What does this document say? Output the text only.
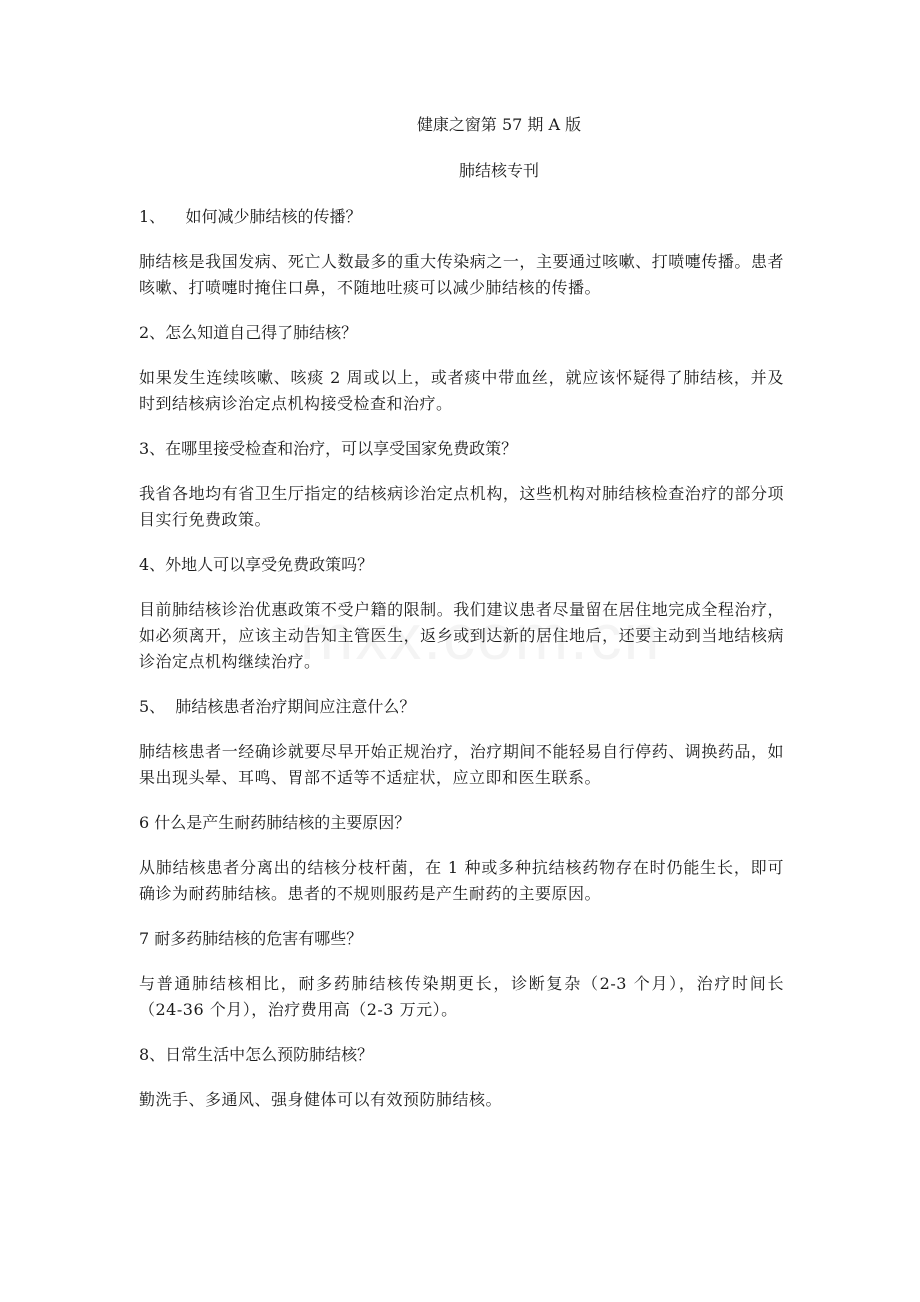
健康之窗第 57 期 A 版

肺结核专刊

1、    如何减少肺结核的传播？

肺结核是我国发病、死亡人数最多的重大传染病之一，主要通过咳嗽、打喷嚏传播。患者咳嗽、打喷嚏时掩住口鼻，不随地吐痰可以减少肺结核的传播。

2、怎么知道自己得了肺结核？

如果发生连续咳嗽、咳痰 2 周或以上，或者痰中带血丝，就应该怀疑得了肺结核，并及时到结核病诊治定点机构接受检查和治疗。

3、在哪里接受检查和治疗，可以享受国家免费政策？

我省各地均有省卫生厅指定的结核病诊治定点机构，这些机构对肺结核检查治疗的部分项目实行免费政策。

4、外地人可以享受免费政策吗？

目前肺结核诊治优惠政策不受户籍的限制。我们建议患者尽量留在居住地完成全程治疗，如必须离开，应该主动告知主管医生，返乡或到达新的居住地后，还要主动到当地结核病诊治定点机构继续治疗。

5、  肺结核患者治疗期间应注意什么？

肺结核患者一经确诊就要尽早开始正规治疗，治疗期间不能轻易自行停药、调换药品，如果出现头晕、耳鸣、胃部不适等不适症状，应立即和医生联系。

6 什么是产生耐药肺结核的主要原因？

从肺结核患者分离出的结核分枝杆菌，在 1 种或多种抗结核药物存在时仍能生长，即可确诊为耐药肺结核。患者的不规则服药是产生耐药的主要原因。

7 耐多药肺结核的危害有哪些？

与普通肺结核相比，耐多药肺结核传染期更长，诊断复杂（2-3 个月），治疗时间长（24-36 个月），治疗费用高（2-3 万元）。

8、日常生活中怎么预防肺结核？

勤洗手、多通风、强身健体可以有效预防肺结核。
